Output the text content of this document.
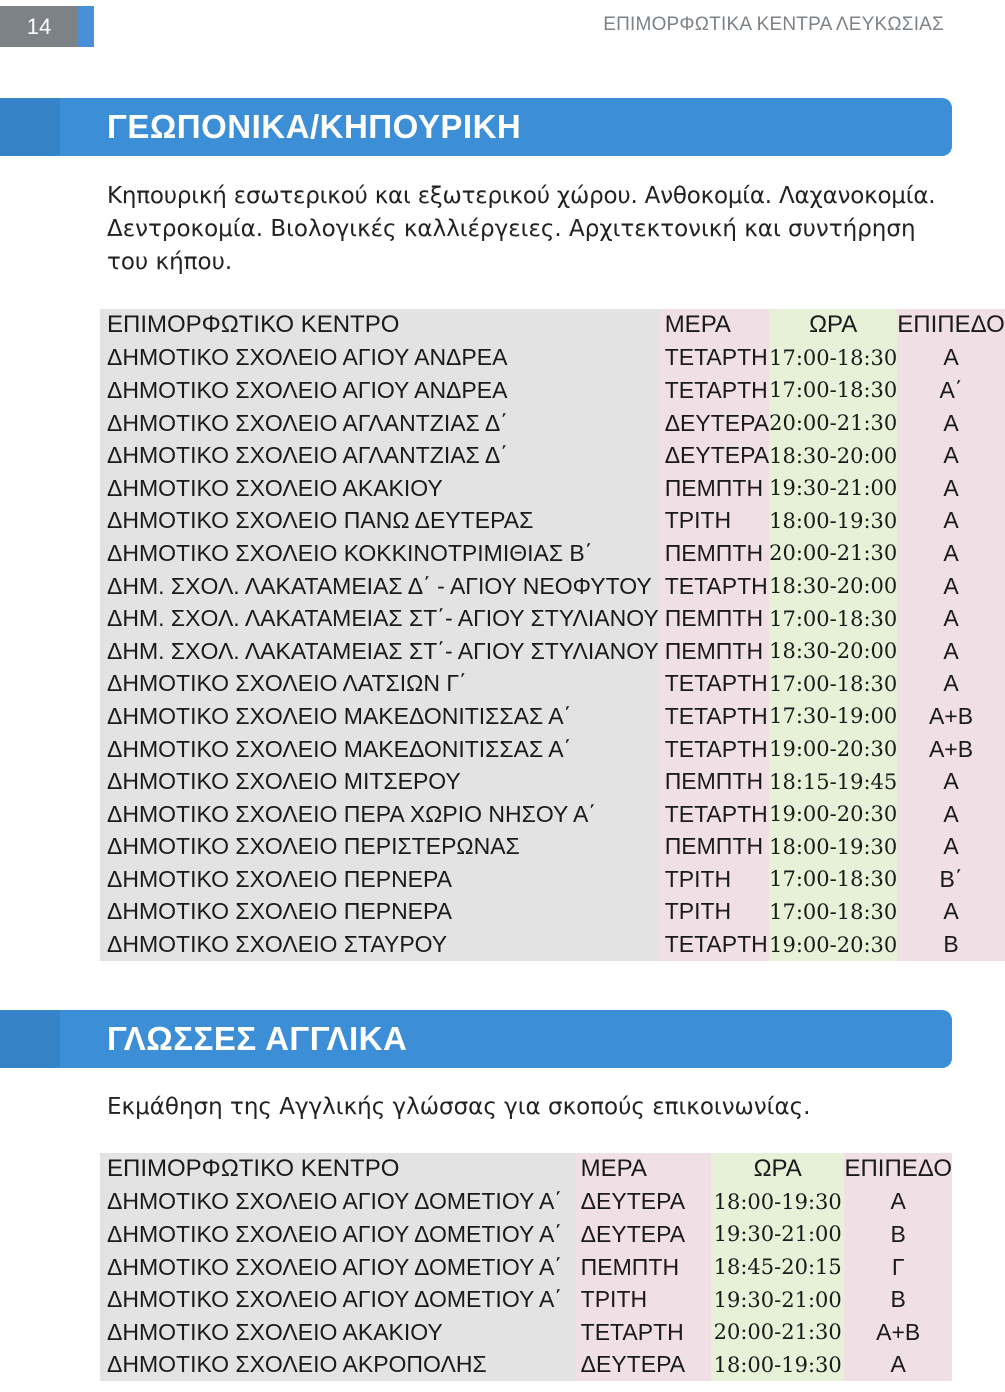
14	ΕΠΙΜΟΡΦΩΤΙΚΑ ΚΕΝΤΡΑ ΛΕΥΚΩΣΙΑΣ
ΓΕΩΠΟΝΙΚΑ/ΚΗΠΟΥΡΙΚΗ
Κηπουρική εσωτερικού και εξωτερικού χώρου. Ανθοκομία. Λαχανοκομία.
Δεντροκομία. Βιολογικές καλλιέργειες. Αρχιτεκτονική και συντήρηση
του κήπου.
ΕΠΙΜΟΡΦΩΤΙΚΟ ΚΕΝΤΡΟ	ΜΕΡΑ	ΩΡΑ	ΕΠΙΠΕΔΟ
ΔΗΜΟΤΙΚΟ ΣΧΟΛΕΙΟ ΑΓΙΟΥ ΑΝΔΡΕΑ	ΤΕΤΑΡΤΗ	17:00-18:30	Α
ΔΗΜΟΤΙΚΟ ΣΧΟΛΕΙΟ ΑΓΙΟΥ ΑΝΔΡΕΑ	ΤΕΤΑΡΤΗ	17:00-18:30	Α΄
ΔΗΜΟΤΙΚΟ ΣΧΟΛΕΙΟ ΑΓΛΑΝΤΖΙΑΣ Δ΄	ΔΕΥΤΕΡΑ	20:00-21:30	Α
ΔΗΜΟΤΙΚΟ ΣΧΟΛΕΙΟ ΑΓΛΑΝΤΖΙΑΣ Δ΄	ΔΕΥΤΕΡΑ	18:30-20:00	Α
ΔΗΜΟΤΙΚΟ ΣΧΟΛΕΙΟ ΑΚΑΚΙΟΥ	ΠΕΜΠΤΗ	19:30-21:00	Α
ΔΗΜΟΤΙΚΟ ΣΧΟΛΕΙΟ ΠΑΝΩ ΔΕΥΤΕΡΑΣ	ΤΡΙΤΗ	18:00-19:30	Α
ΔΗΜΟΤΙΚΟ ΣΧΟΛΕΙΟ ΚΟΚΚΙΝΟΤΡΙΜΙΘΙΑΣ Β΄	ΠΕΜΠΤΗ	20:00-21:30	Α
ΔΗΜ. ΣΧΟΛ. ΛΑΚΑΤΑΜΕΙΑΣ Δ΄ - ΑΓΙΟΥ ΝΕΟΦΥΤΟΥ	ΤΕΤΑΡΤΗ	18:30-20:00	Α
ΔΗΜ. ΣΧΟΛ. ΛΑΚΑΤΑΜΕΙΑΣ ΣΤ΄- ΑΓΙΟΥ ΣΤΥΛΙΑΝΟΥ	ΠΕΜΠΤΗ	17:00-18:30	Α
ΔΗΜ. ΣΧΟΛ. ΛΑΚΑΤΑΜΕΙΑΣ ΣΤ΄- ΑΓΙΟΥ ΣΤΥΛΙΑΝΟΥ	ΠΕΜΠΤΗ	18:30-20:00	Α
ΔΗΜΟΤΙΚΟ ΣΧΟΛΕΙΟ ΛΑΤΣΙΩΝ Γ΄	ΤΕΤΑΡΤΗ	17:00-18:30	Α
ΔΗΜΟΤΙΚΟ ΣΧΟΛΕΙΟ ΜΑΚΕΔΟΝΙΤΙΣΣΑΣ Α΄	ΤΕΤΑΡΤΗ	17:30-19:00	Α+Β
ΔΗΜΟΤΙΚΟ ΣΧΟΛΕΙΟ ΜΑΚΕΔΟΝΙΤΙΣΣΑΣ Α΄	ΤΕΤΑΡΤΗ	19:00-20:30	Α+Β
ΔΗΜΟΤΙΚΟ ΣΧΟΛΕΙΟ ΜΙΤΣΕΡΟΥ	ΠΕΜΠΤΗ	18:15-19:45	Α
ΔΗΜΟΤΙΚΟ ΣΧΟΛΕΙΟ ΠΕΡΑ ΧΩΡΙΟ ΝΗΣΟΥ Α΄	ΤΕΤΑΡΤΗ	19:00-20:30	Α
ΔΗΜΟΤΙΚΟ ΣΧΟΛΕΙΟ ΠΕΡΙΣΤΕΡΩΝΑΣ	ΠΕΜΠΤΗ	18:00-19:30	Α
ΔΗΜΟΤΙΚΟ ΣΧΟΛΕΙΟ ΠΕΡΝΕΡΑ	ΤΡΙΤΗ	17:00-18:30	Β΄
ΔΗΜΟΤΙΚΟ ΣΧΟΛΕΙΟ ΠΕΡΝΕΡΑ	ΤΡΙΤΗ	17:00-18:30	Α
ΔΗΜΟΤΙΚΟ ΣΧΟΛΕΙΟ ΣΤΑΥΡΟΥ	ΤΕΤΑΡΤΗ	19:00-20:30	Β
ΓΛΩΣΣΕΣ ΑΓΓΛΙΚΑ
Εκμάθηση της Αγγλικής γλώσσας για σκοπούς επικοινωνίας.
ΕΠΙΜΟΡΦΩΤΙΚΟ ΚΕΝΤΡΟ	ΜΕΡΑ	ΩΡΑ	ΕΠΙΠΕΔΟ
ΔΗΜΟΤΙΚΟ ΣΧΟΛΕΙΟ ΑΓΙΟΥ ΔΟΜΕΤΙΟΥ Α΄	ΔΕΥΤΕΡΑ	18:00-19:30	Α
ΔΗΜΟΤΙΚΟ ΣΧΟΛΕΙΟ ΑΓΙΟΥ ΔΟΜΕΤΙΟΥ Α΄	ΔΕΥΤΕΡΑ	19:30-21:00	Β
ΔΗΜΟΤΙΚΟ ΣΧΟΛΕΙΟ ΑΓΙΟΥ ΔΟΜΕΤΙΟΥ Α΄	ΠΕΜΠΤΗ	18:45-20:15	Γ
ΔΗΜΟΤΙΚΟ ΣΧΟΛΕΙΟ ΑΓΙΟΥ ΔΟΜΕΤΙΟΥ Α΄	ΤΡΙΤΗ	19:30-21:00	Β
ΔΗΜΟΤΙΚΟ ΣΧΟΛΕΙΟ ΑΚΑΚΙΟΥ	ΤΕΤΑΡΤΗ	20:00-21:30	Α+Β
ΔΗΜΟΤΙΚΟ ΣΧΟΛΕΙΟ ΑΚΡΟΠΟΛΗΣ	ΔΕΥΤΕΡΑ	18:00-19:30	Α
